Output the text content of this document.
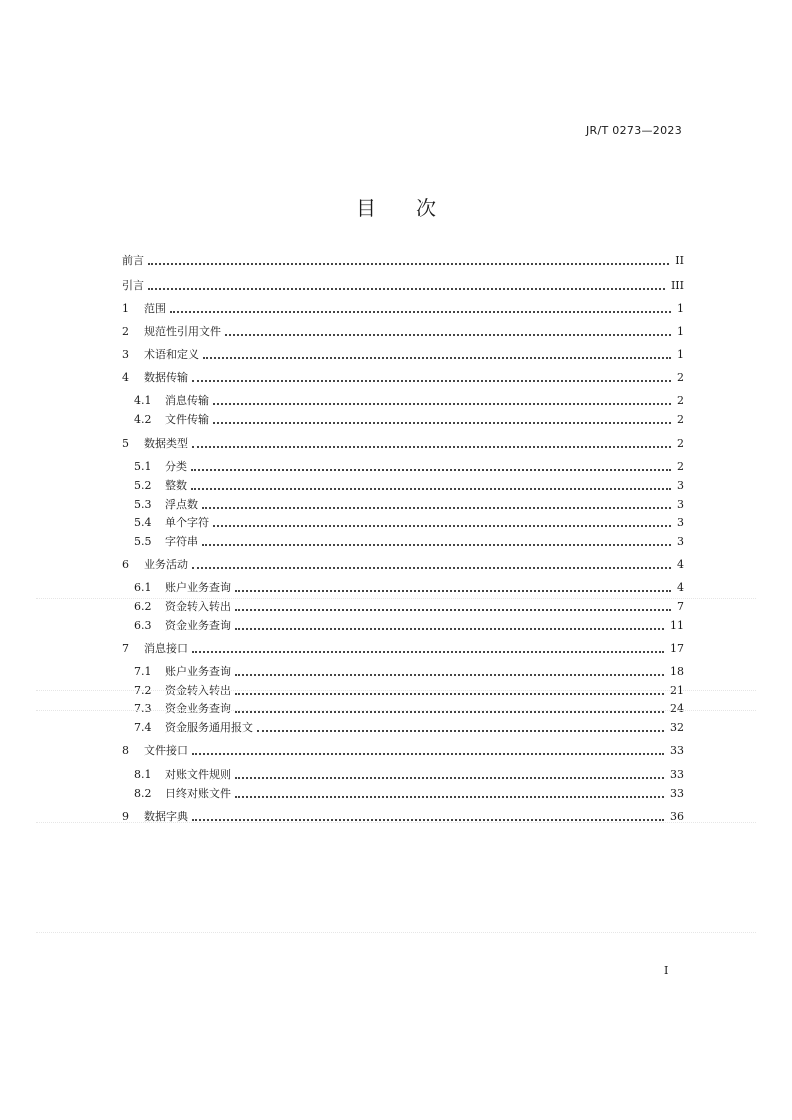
JR/T 0273—2023
目 次
前言	II
引言	III
1	范围	1
2	规范性引用文件	1
3	术语和定义	1
4	数据传输	2
4.1	消息传输	2
4.2	文件传输	2
5	数据类型	2
5.1	分类	2
5.2	整数	3
5.3	浮点数	3
5.4	单个字符	3
5.5	字符串	3
6	业务活动	4
6.1	账户业务查询	4
6.2	资金转入转出	7
6.3	资金业务查询	11
7	消息接口	17
7.1	账户业务查询	18
7.2	资金转入转出	21
7.3	资金业务查询	24
7.4	资金服务通用报文	32
8	文件接口	33
8.1	对账文件规则	33
8.2	日终对账文件	33
9	数据字典	36
I
